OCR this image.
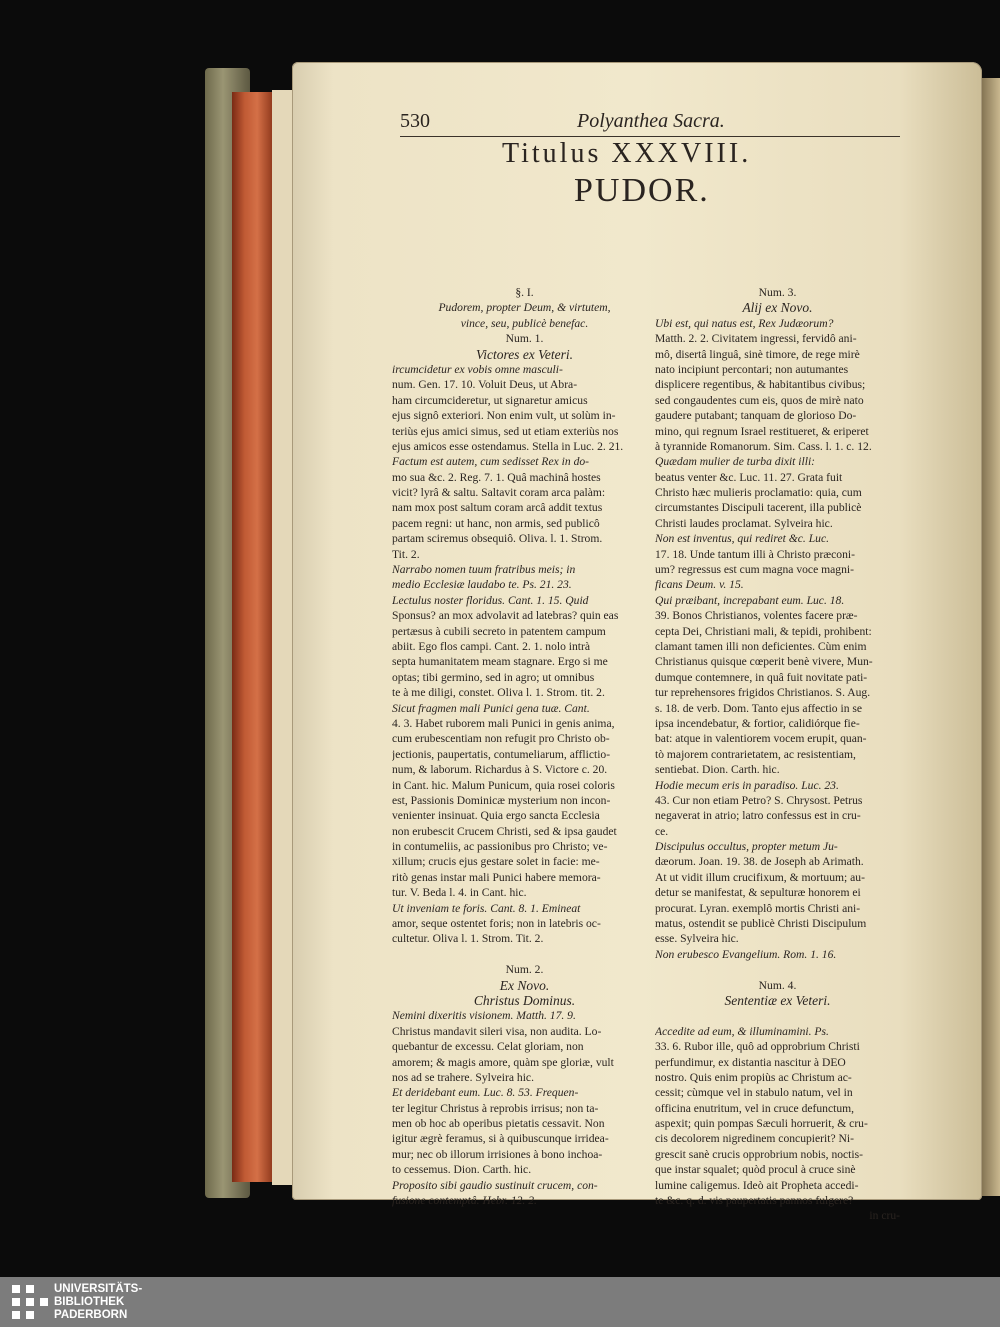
530	Polyanthea Sacra.
Titulus XXXVIII.
PUDOR.
§. I.
Pudorem, propter Deum, & virtutem,
vince, seu, publicè benefac.
Num. 1.
Victores ex Veteri.
ircumcidetur ex vobis omne masculi-
num. Gen. 17. 10. Voluit Deus, ut Abra-
ham circumcideretur, ut signaretur amicus
ejus signô exteriori. Non enim vult, ut solùm in-
teriùs ejus amici simus, sed ut etiam exteriùs nos
ejus amicos esse ostendamus. Stella in Luc. 2. 21.
Factum est autem, cum sedisset Rex in do-
mo sua &c. 2. Reg. 7. 1. Quâ machinâ hostes
vicit? lyrâ & saltu. Saltavit coram arca palàm:
nam mox post saltum coram arcâ addit textus
pacem regni: ut hanc, non armis, sed publicô
partam sciremus obsequiô. Oliva. l. 1. Strom.
Tit. 2.
Narrabo nomen tuum fratribus meis; in
medio Ecclesiæ laudabo te. Ps. 21. 23.
Lectulus noster floridus. Cant. 1. 15. Quid
Sponsus? an mox advolavit ad latebras? quin eas
pertæsus à cubili secreto in patentem campum
abiit. Ego flos campi. Cant. 2. 1. nolo intrà
septa humanitatem meam stagnare. Ergo si me
optas; tibi germino, sed in agro; ut omnibus
te à me diligi, constet. Oliva l. 1. Strom. tit. 2.
Sicut fragmen mali Punici gena tuæ. Cant.
4. 3. Habet ruborem mali Punici in genis anima,
cum erubescentiam non refugit pro Christo ob-
jectionis, paupertatis, contumeliarum, afflictio-
num, & laborum. Richardus à S. Victore c. 20.
in Cant. hic. Malum Punicum, quia rosei coloris
est, Passionis Dominicæ mysterium non incon-
venienter insinuat. Quia ergo sancta Ecclesia
non erubescit Crucem Christi, sed & ipsa gaudet
in contumeliis, ac passionibus pro Christo; ve-
xillum; crucis ejus gestare solet in facie: me-
ritò genas instar mali Punici habere memora-
tur. V. Beda l. 4. in Cant. hic.
Ut inveniam te foris. Cant. 8. 1. Emineat
amor, seque ostentet foris; non in latebris oc-
cultetur. Oliva l. 1. Strom. Tit. 2.
Num. 2.
Ex Novo.
Christus Dominus.
Nemini dixeritis visionem. Matth. 17. 9.
Christus mandavit sileri visa, non audita. Lo-
quebantur de excessu. Celat gloriam, non
amorem; & magis amore, quàm spe gloriæ, vult
nos ad se trahere. Sylveira hic.
Et deridebant eum. Luc. 8. 53. Frequen-
ter legitur Christus à reprobis irrisus; non ta-
men ob hoc ab operibus pietatis cessavit. Non
igitur ægrè feramus, si à quibuscunque irridea-
mur; nec ob illorum irrisiones à bono inchoa-
to cessemus. Dion. Carth. hic.
Proposito sibi gaudio sustinuit crucem, con-
fusione contemptâ. Hebr. 12. 2.
Num. 3.
Alij ex Novo.
Ubi est, qui natus est, Rex Judæorum?
Matth. 2. 2. Civitatem ingressi, fervidô ani-
mô, disertâ linguâ, sinè timore, de rege mirè
nato incipiunt percontari; non autumantes
displicere regentibus, & habitantibus civibus;
sed congaudentes cum eis, quos de mirè nato
gaudere putabant; tanquam de glorioso Do-
mino, qui regnum Israel restitueret, & eriperet
à tyrannide Romanorum. Sim. Cass. l. 1. c. 12.
Quædam mulier de turba dixit illi:
beatus venter &c. Luc. 11. 27. Grata fuit
Christo hæc mulieris proclamatio: quia, cum
circumstantes Discipuli tacerent, illa publicè
Christi laudes proclamat. Sylveira hic.
Non est inventus, qui rediret &c. Luc.
17. 18. Unde tantum illi à Christo præconi-
um? regressus est cum magna voce magni-
ficans Deum. v. 15.
Qui præibant, increpabant eum. Luc. 18.
39. Bonos Christianos, volentes facere præ-
cepta Dei, Christiani mali, & tepidi, prohibent:
clamant tamen illi non deficientes. Cùm enim
Christianus quisque cœperit benè vivere, Mun-
dumque contemnere, in quâ fuit novitate pati-
tur reprehensores frigidos Christianos. S. Aug.
s. 18. de verb. Dom. Tanto ejus affectio in se
ipsa incendebatur, & fortior, calidiórque fie-
bat: atque in valentiorem vocem erupit, quan-
tò majorem contrarietatem, ac resistentiam,
sentiebat. Dion. Carth. hic.
Hodie mecum eris in paradiso. Luc. 23.
43. Cur non etiam Petro? S. Chrysost. Petrus
negaverat in atrio; latro confessus est in cru-
ce.
Discipulus occultus, propter metum Ju-
dæorum. Joan. 19. 38. de Joseph ab Arimath.
At ut vidit illum crucifixum, & mortuum; au-
detur se manifestat, & sepulturæ honorem ei
procurat. Lyran. exemplô mortis Christi ani-
matus, ostendit se publicè Christi Discipulum
esse. Sylveira hic.
Non erubesco Evangelium. Rom. 1. 16.
Num. 4.
Sententiæ ex Veteri.
Accedite ad eum, & illuminamini. Ps.
33. 6. Rubor ille, quô ad opprobrium Christi
perfundimur, ex distantia nascitur à DEO
nostro. Quis enim propiùs ac Christum ac-
cessit; cùmque vel in stabulo natum, vel in
officina enutritum, vel in cruce defunctum,
aspexit; quin pompas Sæculi horruerit, & cru-
cis decolorem nigredinem concupierit? Ni-
grescit sanè crucis opprobrium nobis, noctis-
que instar squalet; quòd procul à cruce sinè
lumine caligemus. Ideò ait Propheta accedi-
te &c. q. d. vis paupertatis pannos fulgere?
in cru-
UNIVERSITÄTS-
BIBLIOTHEK
PADERBORN
